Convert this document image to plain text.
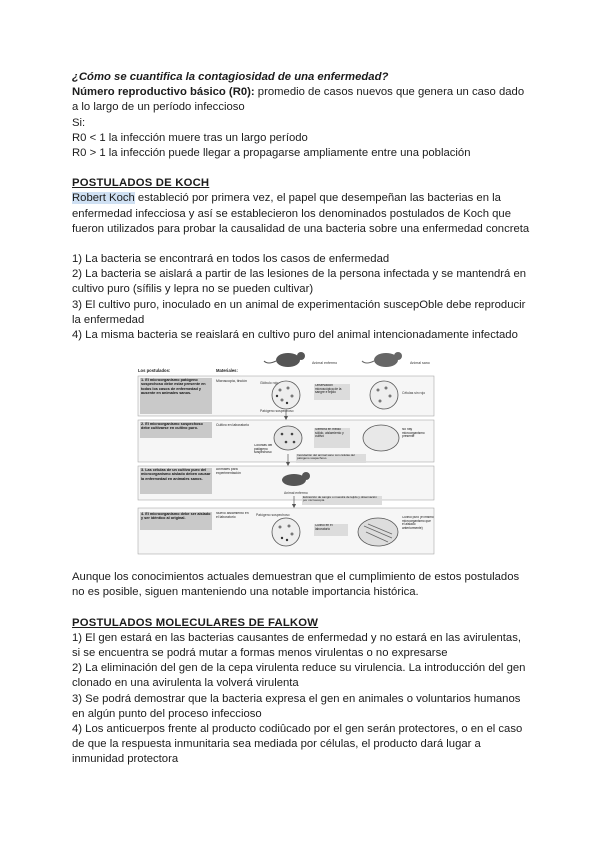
¿Cómo se cuantifica la contagiosidad de una enfermedad?

Número reproductivo básico (R0): promedio de casos nuevos que genera un caso dado a lo largo de un período infeccioso

Si:

R0 < 1 la infección muere tras un largo período

R0 > 1 la infección puede llegar a propagarse ampliamente entre una población

POSTULADOS DE KOCH

Robert Koch estableció por primera vez, el papel que desempeñan las bacterias en la enfermedad infecciosa y así se establecieron los denominados postulados de Koch que fueron utilizados para probar la causalidad de una bacteria sobre una enfermedad concreta

1) La bacteria se encontrará en todos los casos de enfermedad

2) La bacteria se aislará a partir de las lesiones de la persona infectada y se mantendrá en cultivo puro (sífilis y lepra no se pueden cultivar)

3) El cultivo puro, inoculado en un animal de experimentación suscepOble debe reproducir la enfermedad

4) La misma bacteria se reaislará en cultivo puro del animal intencionadamente infectado

Animal enfermo	Animal sano
Los postulados:	Materiales:
1. El microorganismo patógeno sospechoso debe estar presente en todos los casos de enfermedad y ausente en animales sanos.
Microscopía, tinción	Glóbulo rojo
Patógeno sospechoso
Observación microscópica de la sangre e tejido	Células sin rojo
2. El microorganismo sospechoso debe cultivarse en cultivo puro.
Cultivo en laboratorio
Colonias del patógeno sospechoso
Siembra en medio sólido, aislamiento y cultivo
No hay microorganismo presente
Inoculación del animal sano con células del patógeno sospechoso
3. Las células de un cultivo puro del microorganismo aislado deben causar la enfermedad en animales sanos.
Animales para experimentación
Animal enfermo
Extracción de sangre o muestra de tejido y observación por microscopía
4. El microorganismo debe ser aislado y ser idéntico al original.
Nuevo aislamiento en el laboratorio	Patógeno sospechoso
Cultivo en el laboratorio
Cultivo puro (el mismo microorganismo que el aislado anteriormente)

Aunque los conocimientos actuales demuestran que el cumplimiento de estos postulados no es posible, siguen manteniendo una notable importancia histórica.

POSTULADOS MOLECULARES DE FALKOW

1) El gen estará en las bacterias causantes de enfermedad y no estará en las avirulentas, si se encuentra se podrá mutar a formas menos virulentas o no expresarse

2) La eliminación del gen de la cepa virulenta reduce su virulencia. La introducción del gen clonado en una avirulenta la volverá virulenta

3) Se podrá demostrar que la bacteria expresa el gen en animales o voluntarios humanos en algún punto del proceso infeccioso

4) Los anticuerpos frente al producto codiûcado por el gen serán protectores, o en el caso de que la respuesta inmunitaria sea mediada por células, el producto dará lugar a inmunidad protectora
